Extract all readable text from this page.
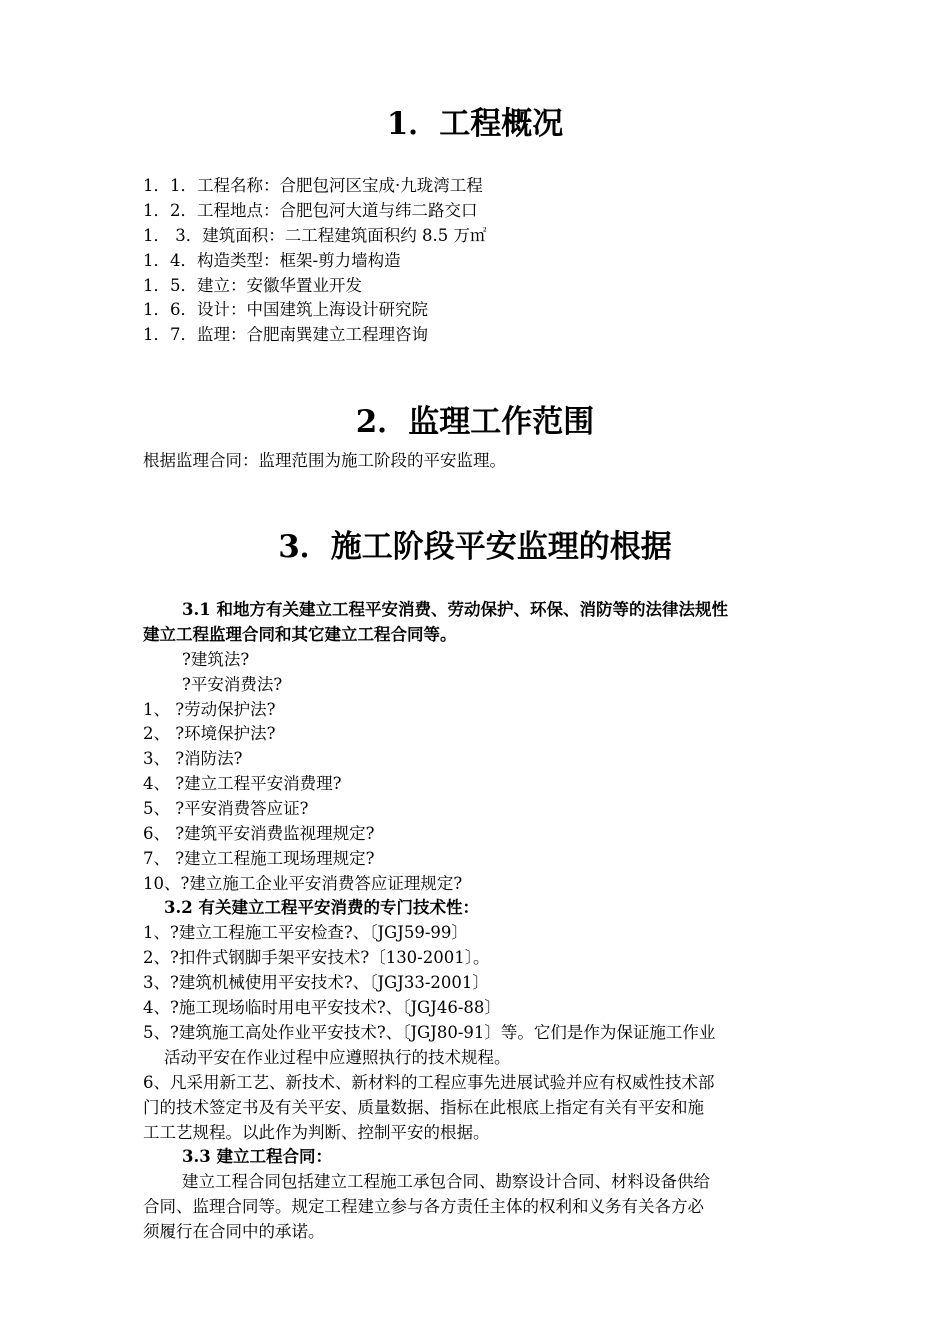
1．工程概况
1．1．工程名称：合肥包河区宝成·九珑湾工程
1．2．工程地点：合肥包河大道与纬二路交口
1． 3．建筑面积：二工程建筑面积约 8.5 万㎡
1．4．构造类型：框架-剪力墙构造
1．5．建立：安徽华置业开发
1．6．设计：中国建筑上海设计研究院
1．7．监理：合肥南巽建立工程理咨询
2．监理工作范围
根据监理合同：监理范围为施工阶段的平安监理。
3．施工阶段平安监理的根据
3.1 和地方有关建立工程平安消费、劳动保护、环保、消防等的法律法规性
建立工程监理合同和其它建立工程合同等。
?建筑法?
?平安消费法?
1、 ?劳动保护法?
2、 ?环境保护法?
3、 ?消防法?
4、 ?建立工程平安消费理?
5、 ?平安消费答应证?
6、 ?建筑平安消费监视理规定?
7、 ?建立工程施工现场理规定?
10、?建立施工企业平安消费答应证理规定?
3.2 有关建立工程平安消费的专门技术性：
1、?建立工程施工平安检查?、〔JGJ59-99〕
2、?扣件式钢脚手架平安技术?〔130-2001〕。
3、?建筑机械使用平安技术?、〔JGJ33-2001〕
4、?施工现场临时用电平安技术?、〔JGJ46-88〕
5、?建筑施工高处作业平安技术?、〔JGJ80-91〕等。它们是作为保证施工作业
活动平安在作业过程中应遵照执行的技术规程。
6、凡采用新工艺、新技术、新材料的工程应事先进展试验并应有权威性技术部
门的技术签定书及有关平安、质量数据、指标在此根底上指定有关有平安和施
工工艺规程。以此作为判断、控制平安的根据。
3.3 建立工程合同：
建立工程合同包括建立工程施工承包合同、勘察设计合同、材料设备供给
合同、监理合同等。规定工程建立参与各方责任主体的权利和义务有关各方必
须履行在合同中的承诺。
